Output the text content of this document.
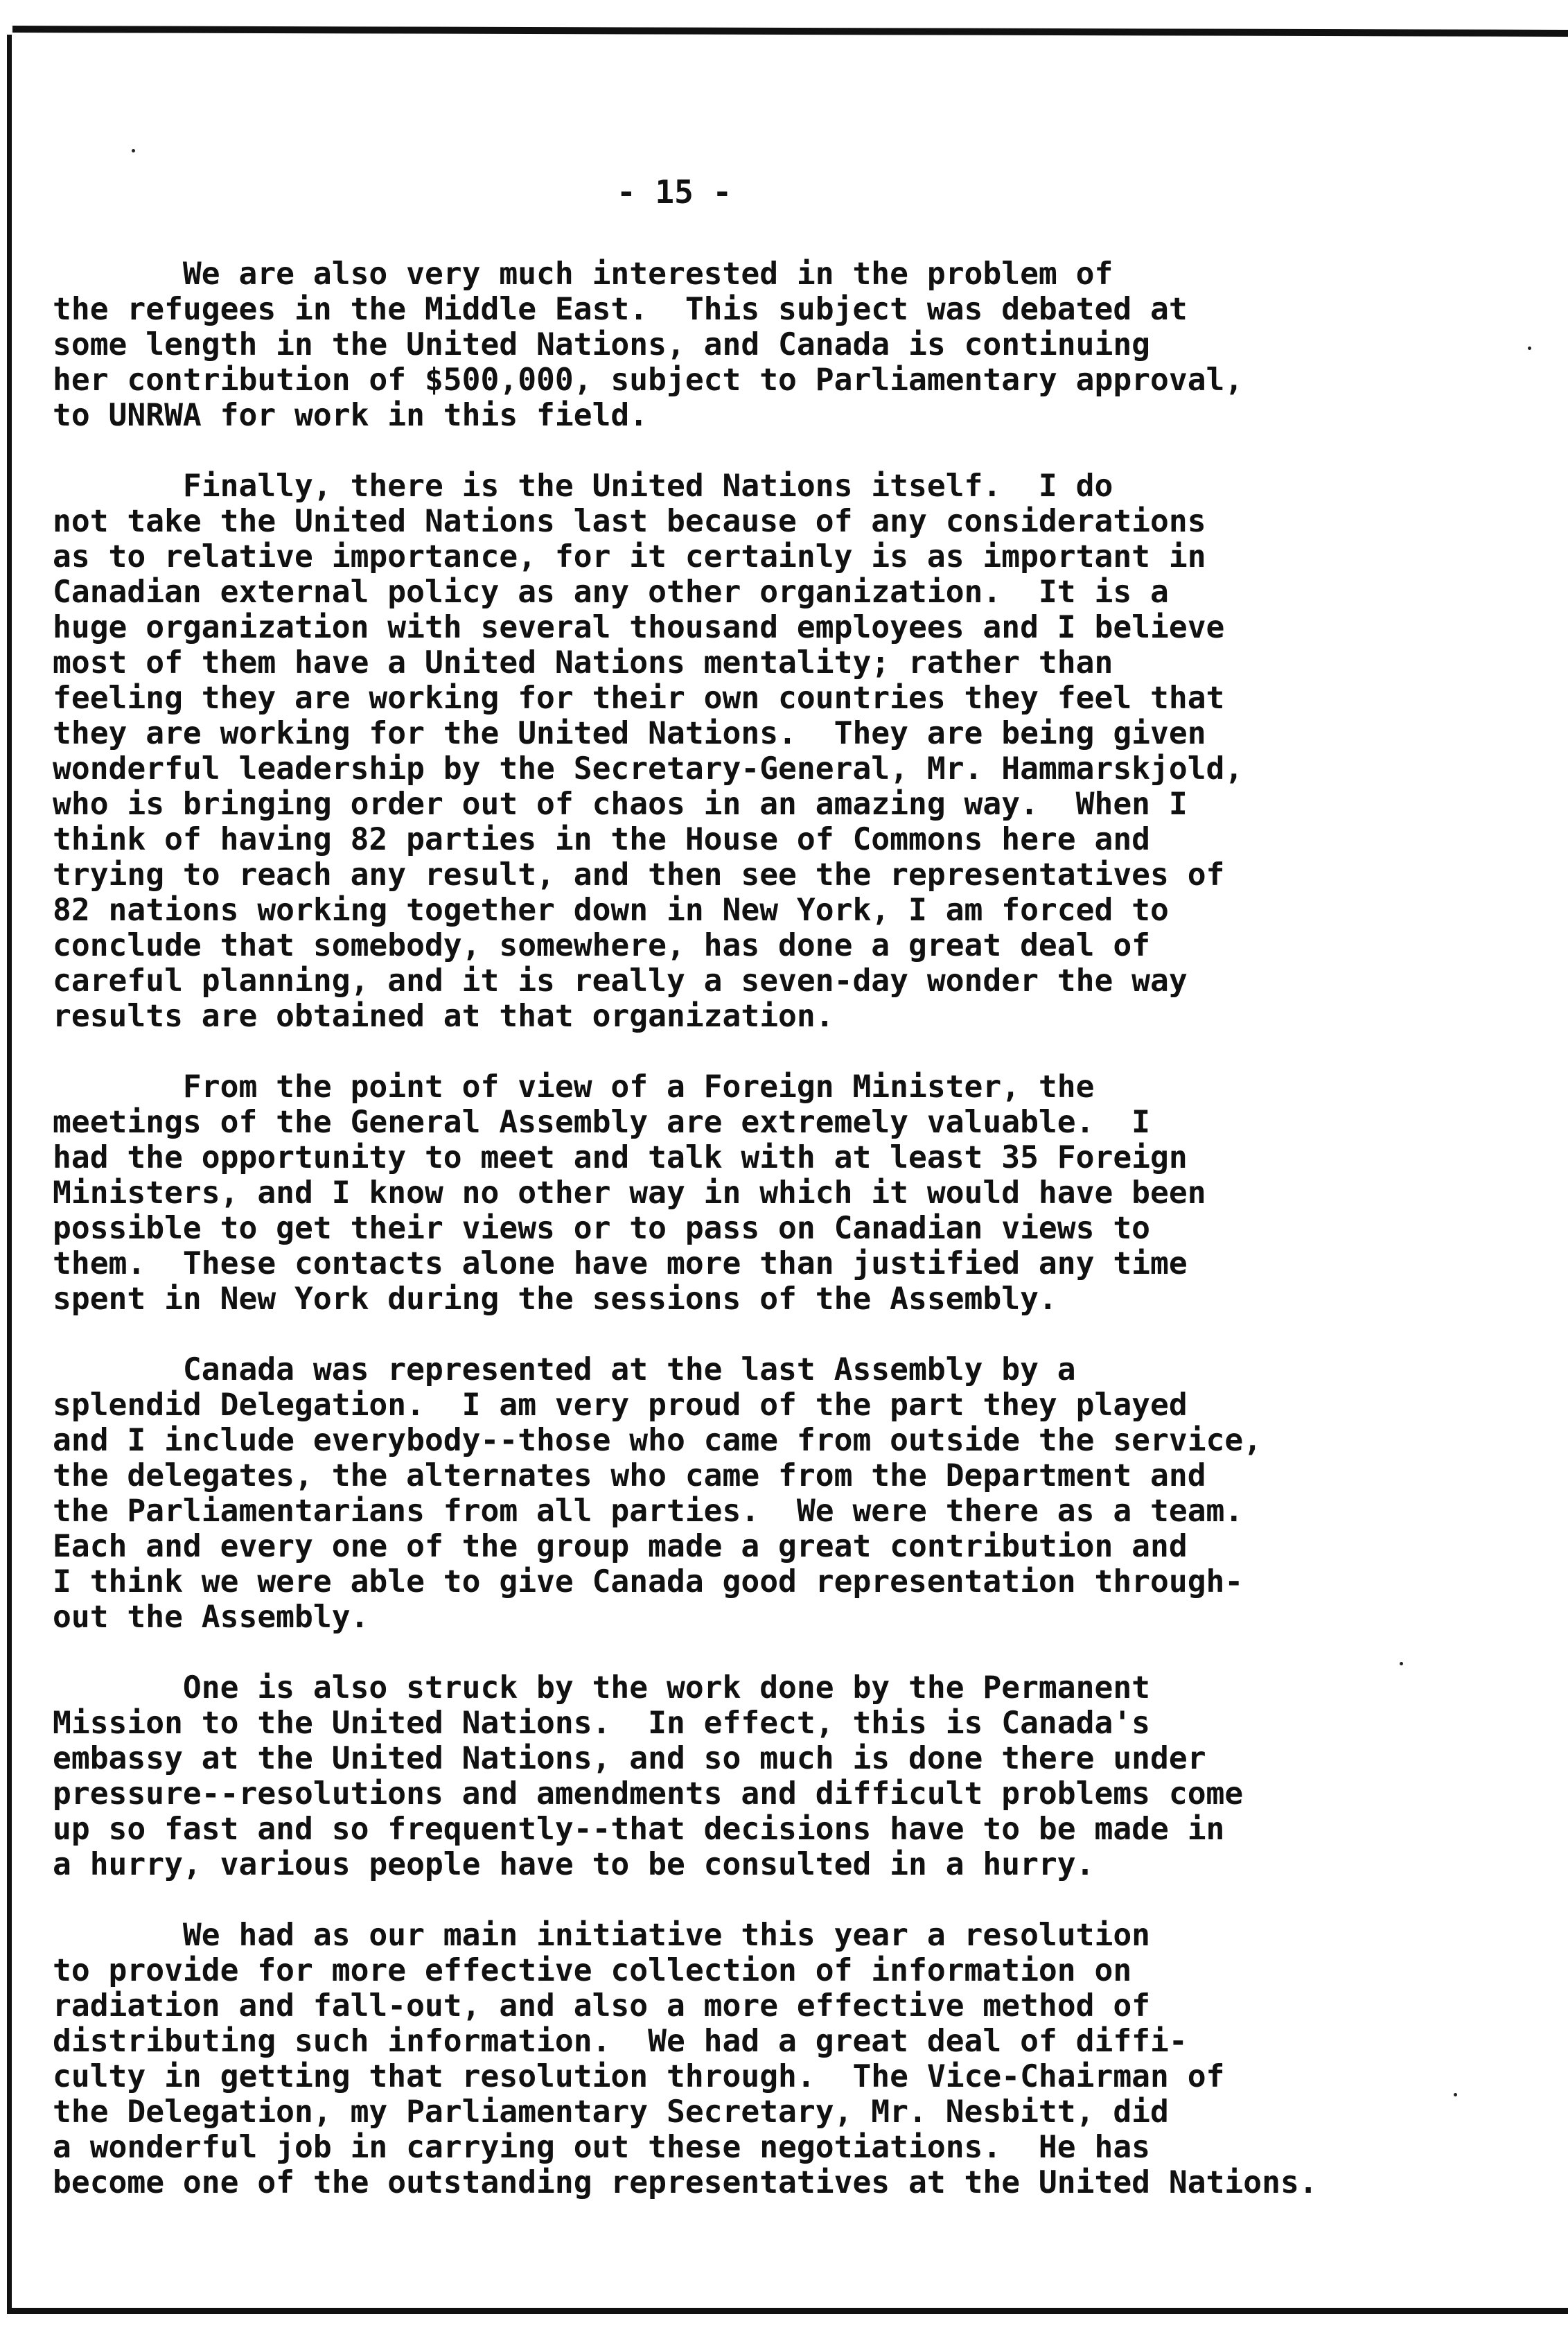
- 15 -

We are also very much interested in the problem of

the refugees in the Middle East.  This subject was debated at

some length in the United Nations, and Canada is continuing

her contribution of $500,000, subject to Parliamentary approval,

to UNRWA for work in this field.

Finally, there is the United Nations itself.  I do

not take the United Nations last because of any considerations

as to relative importance, for it certainly is as important in

Canadian external policy as any other organization.  It is a

huge organization with several thousand employees and I believe

most of them have a United Nations mentality; rather than

feeling they are working for their own countries they feel that

they are working for the United Nations.  They are being given

wonderful leadership by the Secretary-General, Mr. Hammarskjold,

who is bringing order out of chaos in an amazing way.  When I

think of having 82 parties in the House of Commons here and

trying to reach any result, and then see the representatives of

82 nations working together down in New York, I am forced to

conclude that somebody, somewhere, has done a great deal of

careful planning, and it is really a seven-day wonder the way

results are obtained at that organization.

From the point of view of a Foreign Minister, the

meetings of the General Assembly are extremely valuable.  I

had the opportunity to meet and talk with at least 35 Foreign

Ministers, and I know no other way in which it would have been

possible to get their views or to pass on Canadian views to

them.  These contacts alone have more than justified any time

spent in New York during the sessions of the Assembly.

Canada was represented at the last Assembly by a

splendid Delegation.  I am very proud of the part they played

and I include everybody--those who came from outside the service,

the delegates, the alternates who came from the Department and

the Parliamentarians from all parties.  We were there as a team.

Each and every one of the group made a great contribution and

I think we were able to give Canada good representation through-

out the Assembly.

One is also struck by the work done by the Permanent

Mission to the United Nations.  In effect, this is Canada's

embassy at the United Nations, and so much is done there under

pressure--resolutions and amendments and difficult problems come

up so fast and so frequently--that decisions have to be made in

a hurry, various people have to be consulted in a hurry.

We had as our main initiative this year a resolution

to provide for more effective collection of information on

radiation and fall-out, and also a more effective method of

distributing such information.  We had a great deal of diffi-

culty in getting that resolution through.  The Vice-Chairman of

the Delegation, my Parliamentary Secretary, Mr. Nesbitt, did

a wonderful job in carrying out these negotiations.  He has

become one of the outstanding representatives at the United Nations.
